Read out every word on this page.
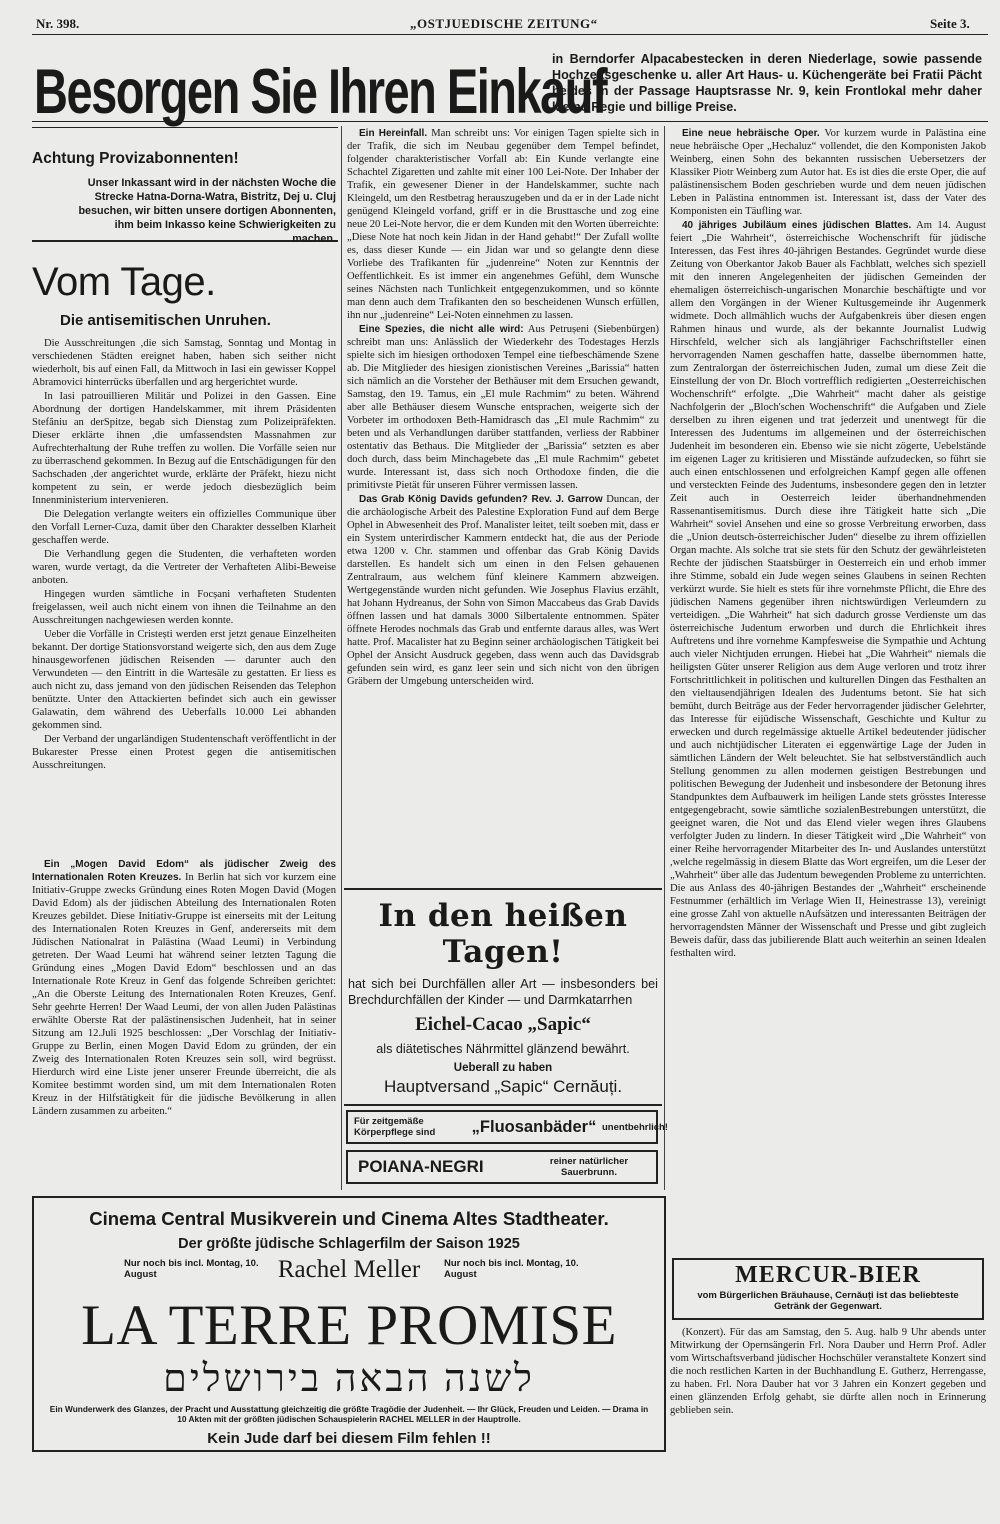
Nr. 398.	„OSTJUEDISCHE ZEITUNG“	Seite 3.
Besorgen Sie Ihren Einkauf
in Berndorfer Alpacabestecken in deren Niederlage, sowie passende Hochzeitsgeschenke u. aller Art Haus- u. Küchengeräte bei Fratii Pächt beides in der Passage Hauptsrasse Nr. 9, kein Frontlokal mehr daher kleine Regie und billige Preise.
Achtung Provizabonnenten!
Unser Inkassant wird in der nächsten Woche die Strecke Hatna-Dorna-Watra, Bistritz, Dej u. Cluj besuchen, wir bitten unsere dortigen Abonnenten, ihm beim Inkasso keine Schwierigkeiten zu machen.
Vom Tage.
Die antisemitischen Unruhen.

Die Ausschreitungen ,die sich Samstag, Sonntag und Montag in verschiedenen Städten ereignet haben, haben sich seither nicht wiederholt, bis auf einen Fall, da Mittwoch in Iasi ein gewisser Koppel Abramovici hinterrücks überfallen und arg hergerichtet wurde.

In Iasi patrouillieren Militär und Polizei in den Gassen. Eine Abordnung der dortigen Handelskammer, mit ihrem Präsidenten Stefăniu an derSpitze, begab sich Dienstag zum Polizeipräfekten. Dieser erklärte ihnen ,die umfassendsten Massnahmen zur Aufrechterhaltung der Ruhe treffen zu wollen. Die Vorfälle seien nur zu überraschend gekommen. In Bezug auf die Entschädigungen für den Sachschaden ,der angerichtet wurde, erklärte der Präfekt, hiezu nicht kompetent zu sein, er werde jedoch diesbezüglich beim Innenministerium intervenieren.

Die Delegation verlangte weiters ein offizielles Communique über den Vorfall Lerner-Cuza, damit über den Charakter desselben Klarheit geschaffen werde.

Die Verhandlung gegen die Studenten, die verhafteten worden waren, wurde vertagt, da die Vertreter der Verhafteten Alibi-Beweise anboten.

Hingegen wurden sämtliche in Focșani verhafteten Studenten freigelassen, weil auch nicht einem von ihnen die Teilnahme an den Ausschreitungen nachgewiesen werden konnte.

Ueber die Vorfälle in Cristești werden erst jetzt genaue Einzelheiten bekannt. Der dortige Stationsvorstand weigerte sich, den aus dem Zuge hinausgeworfenen jüdischen Reisenden — darunter auch den Verwundeten — den Eintritt in die Wartesäle zu gestatten. Er liess es auch nicht zu, dass jemand von den jüdischen Reisenden das Telephon benützte. Unter den Attackierten befindet sich auch ein gewisser Galawatin, dem während des Ueberfalls 10.000 Lei abhanden gekommen sind.

Der Verband der ungarländigen Studentenschaft veröffentlicht in der Bukarester Presse einen Protest gegen die antisemitischen Ausschreitungen.

Ein „Mogen David Edom“ als jüdischer Zweig des Internationalen Roten Kreuzes. In Berlin hat sich vor kurzem eine Initiativ-Gruppe zwecks Gründung eines Roten Mogen David (Mogen David Edom) als der jüdischen Abteilung des Internationalen Roten Kreuzes gebildet. Diese Initiativ-Gruppe ist einerseits mit der Leitung des Internationalen Roten Kreuzes in Genf, andererseits mit dem Jüdischen Nationalrat in Palästina (Waad Leumi) in Verbindung getreten. Der Waad Leumi hat während seiner letzten Tagung die Gründung eines „Mogen David Edom“ beschlossen und an das Internationale Rote Kreuz in Genf das folgende Schreiben gerichtet: „An die Oberste Leitung des Internationalen Roten Kreuzes, Genf. Sehr geehrte Herren! Der Waad Leumi, der von allen Juden Palästinas erwählte Oberste Rat der palästinensischen Judenheit, hat in seiner Sitzung am 12.Juli 1925 beschlossen: „Der Vorschlag der Initiativ-Gruppe zu Berlin, einen Mogen David Edom zu gründen, der ein Zweig des Internationalen Roten Kreuzes sein soll, wird begrüsst. Hierdurch wird eine Liste jener unserer Freunde überreicht, die als Komitee bestimmt worden sind, um mit dem Internationalen Roten Kreuz in der Hilfstätigkeit für die jüdische Bevölkerung in allen Ländern zusammen zu arbeiten.“

Ein Hereinfall. Man schreibt uns: Vor einigen Tagen spielte sich in der Trafik, die sich im Neubau gegenüber dem Tempel befindet, folgender charakteristischer Vorfall ab: Ein Kunde verlangte eine Schachtel Zigaretten und zahlte mit einer 100 Lei-Note. Der Inhaber der Trafik, ein gewesener Diener in der Handelskammer, suchte nach Kleingeld, um den Restbetrag herauszugeben und da er in der Lade nicht genügend Kleingeld vorfand, griff er in die Brusttasche und zog eine neue 20 Lei-Note hervor, die er dem Kunden mit den Worten überreichte: „Diese Note hat noch kein Jidan in der Hand gehabt!“ Der Zufall wollte es, dass dieser Kunde — ein Jidan war und so gelangte denn diese Vorliebe des Trafikanten für „judenreine“ Noten zur Kenntnis der Oeffentlichkeit. Es ist immer ein angenehmes Gefühl, dem Wunsche seines Nächsten nach Tunlichkeit entgegenzukommen, und so könnte man denn auch dem Trafikanten den so bescheidenen Wunsch erfüllen, ihn nur „judenreine“ Lei-Noten einnehmen zu lassen.

Eine Spezies, die nicht alle wird: Aus Petrușeni (Siebenbürgen) schreibt man uns: Anlässlich der Wiederkehr des Todestages Herzls spielte sich im hiesigen orthodoxen Tempel eine tiefbeschämende Szene ab. Die Mitglieder des hiesigen zionistischen Vereines „Barissia“ hatten sich nämlich an die Vorsteher der Bethäuser mit dem Ersuchen gewandt, Samstag, den 19. Tamus, ein „El mule Rachmim“ zu beten. Während aber alle Bethäuser diesem Wunsche entsprachen, weigerte sich der Vorbeter im orthodoxen Beth-Hamidrasch das „El mule Rachmim“ zu beten und als Verhandlungen darüber stattfanden, verliess der Rabbiner ostentativ das Bethaus. Die Mitglieder der „Barissia“ setzten es aber doch durch, dass beim Minchagebete das „El mule Rachmim“ gebetet wurde. Interessant ist, dass sich noch Orthodoxe finden, die die primitivste Pietät für unseren Führer vermissen lassen.

Das Grab König Davids gefunden? Rev. J. Garrow Duncan, der die archäologische Arbeit des Palestine Exploration Fund auf dem Berge Ophel in Abwesenheit des Prof. Manalister leitet, teilt soeben mit, dass er ein System unterirdischer Kammern entdeckt hat, die aus der Periode etwa 1200 v. Chr. stammen und offenbar das Grab König Davids darstellen. Es handelt sich um einen in den Felsen gehauenen Zentralraum, aus welchem fünf kleinere Kammern abzweigen. Wertgegenstände wurden nicht gefunden. Wie Josephus Flavius erzählt, hat Johann Hydreanus, der Sohn von Simon Maccabeus das Grab Davids öffnen lassen und hat damals 3000 Silbertalente entnommen. Später öffnete Herodes nochmals das Grab und entfernte daraus alles, was Wert hatte. Prof. Macalister hat zu Beginn seiner archäologischen Tätigkeit bei Ophel der Ansicht Ausdruck gegeben, dass wenn auch das Davidsgrab gefunden sein wird, es ganz leer sein und sich nicht von den übrigen Gräbern der Umgebung unterscheiden wird.

In den heißen Tagen!
hat sich bei Durchfällen aller Art — insbesonders bei Brechdurchfällen der Kinder — und Darmkatarrhen
Eichel-Cacao „Sapic“
als diätetisches Nährmittel glänzend bewährt.
Ueberall zu haben
Hauptversand „Sapic“ Cernăuți.
Für zeitgemäße Körperpflege sind	„Fluosanbäder“ unentbehrlich!
POIANA-NEGRI	reiner natürlicher Sauerbrunn.

Eine neue hebräische Oper. Vor kurzem wurde in Palästina eine neue hebräische Oper „Hechaluz“ vollendet, die den Komponisten Jakob Weinberg, einen Sohn des bekannten russischen Uebersetzers der Klassiker Piotr Weinberg zum Autor hat. Es ist dies die erste Oper, die auf palästinensischem Boden geschrieben wurde und dem neuen jüdischen Leben in Palästina entnommen ist. Interessant ist, dass der Vater des Komponisten ein Täufling war.

40 jähriges Jubiläum eines jüdischen Blattes. Am 14. August feiert „Die Wahrheit“, österreichische Wochenschrift für jüdische Interessen, das Fest ihres 40-jährigen Bestandes. Gegründet wurde diese Zeitung von Oberkantor Jakob Bauer als Fachblatt, welches sich speziell mit den inneren Angelegenheiten der jüdischen Gemeinden der ehemaligen österreichisch-ungarischen Monarchie beschäftigte und vor allem den Vorgängen in der Wiener Kultusgemeinde ihr Augenmerk widmete. Doch allmählich wuchs der Aufgabenkreis über diesen engen Rahmen hinaus und wurde, als der bekannte Journalist Ludwig Hirschfeld, welcher sich als langjähriger Fachschriftsteller einen hervorragenden Namen geschaffen hatte, dasselbe übernommen hatte, zum Zentralorgan der österreichischen Juden, zumal um diese Zeit die Einstellung der von Dr. Bloch vortrefflich redigierten „Oesterreichischen Wochenschrift“ erfolgte. „Die Wahrheit“ macht daher als geistige Nachfolgerin der „Bloch'schen Wochenschrift“ die Aufgaben und Ziele derselben zu ihren eigenen und trat jederzeit und unentwegt für die Interessen des Judentums im allgemeinen und der österreichischen Judenheit im besonderen ein. Ebenso wie sie nicht zögerte, Uebelstände im eigenen Lager zu kritisieren und Misstände aufzudecken, so führt sie auch einen entschlossenen und erfolgreichen Kampf gegen alle offenen und versteckten Feinde des Judentums, insbesondere gegen den in letzter Zeit auch in Oesterreich leider überhandnehmenden Rassenantisemitismus. Durch diese ihre Tätigkeit hatte sich „Die Wahrheit“ soviel Ansehen und eine so grosse Verbreitung erworben, dass die „Union deutsch-österreichischer Juden“ dieselbe zu ihrem offiziellen Organ machte. Als solche trat sie stets für den Schutz der gewährleisteten Rechte der jüdischen Staatsbürger in Oesterreich ein und erhob immer ihre Stimme, sobald ein Jude wegen seines Glaubens in seinen Rechten verkürzt wurde. Sie hielt es stets für ihre vornehmste Pflicht, die Ehre des jüdischen Namens gegenüber ihren nichtswürdigen Verleumdern zu verteidigen. „Die Wahrheit“ hat sich dadurch grosse Verdienste um das österreichische Judentum erworben und durch die Ehrlichkeit ihres Auftretens und ihre vornehme Kampfesweise die Sympathie und Achtung auch vieler Nichtjuden errungen. Hiebei hat „Die Wahrheit“ niemals die heiligsten Güter unserer Religion aus dem Auge verloren und trotz ihrer Fortschrittlichkeit in politischen und kulturellen Dingen das Festhalten an den vieltausendjährigen Idealen des Judentums betont. Sie hat sich bemüht, durch Beiträge aus der Feder hervorragender jüdischer Gelehrter, das Interesse für eijüdische Wissenschaft, Geschichte und Kultur zu erwecken und durch regelmässige aktuelle Artikel bedeutender jüdischer und auch nichtjüdischer Literaten ei eggenwärtige Lage der Juden in sämtlichen Ländern der Welt beleuchtet. Sie hat selbstverständlich auch Stellung genommen zu allen modernen geistigen Bestrebungen und politischen Bewegung der Judenheit und insbesondere der Betonung ihres Standpunktes dem Aufbauwerk im heiligen Lande stets grösstes Interesse entgegengebracht, sowie sämtliche sozialenBestrebungen unterstützt, die geeignet waren, die Not und das Elend vieler wegen ihres Glaubens verfolgter Juden zu lindern. In dieser Tätigkeit wird „Die Wahrheit“ von einer Reihe hervorragender Mitarbeiter des In- und Auslandes unterstützt ,welche regelmässig in diesem Blatte das Wort ergreifen, um die Leser der „Wahrheit“ über alle das Judentum bewegenden Probleme zu unterrichten. Die aus Anlass des 40-jährigen Bestandes der „Wahrheit“ erscheinende Festnummer (erhältlich im Verlage Wien II, Heinestrasse 13), vereinigt eine grosse Zahl von aktuelle nAufsätzen und interessanten Beiträgen der hervorragendsten Männer der Wissenschaft und Presse und gibt zugleich Beweis dafür, dass das jubilierende Blatt auch weiterhin an seinen Idealen festhalten wird.

MERCUR-BIER
vom Bürgerlichen Bräuhause, Cernăuți ist das beliebteste Getränk der Gegenwart.

(Konzert). Für das am Samstag, den 5. Aug. halb 9 Uhr abends unter Mitwirkung der Opernsängerin Frl. Nora Dauber und Herrn Prof. Adler vom Wirtschaftsverband jüdischer Hochschüler veranstaltete Konzert sind die noch restlichen Karten in der Buchhandlung E. Gutherz, Herrengasse, zu haben. Frl. Nora Dauber hat vor 3 Jahren ein Konzert gegeben und einen glänzenden Erfolg gehabt, sie dürfte allen noch in Erinnerung geblieben sein.

Cinema Central Musikverein und Cinema Altes Stadtheater.
Der größte jüdische Schlagerfilm der Saison 1925
Nur noch bis incl. Montag, 10. August	Rachel Meller	Nur noch bis incl. Montag, 10. August
LA TERRE PROMISE
לשנה הבאה בירושלים
Ein Wunderwerk des Glanzes, der Pracht und Ausstattung gleichzeitig die größte Tragödie der Judenheit. — Ihr Glück, Freuden und Leiden. — Drama in 10 Akten mit der größten jüdischen Schauspielerin RACHEL MELLER in der Hauptrolle.
Kein Jude darf bei diesem Film fehlen !!
